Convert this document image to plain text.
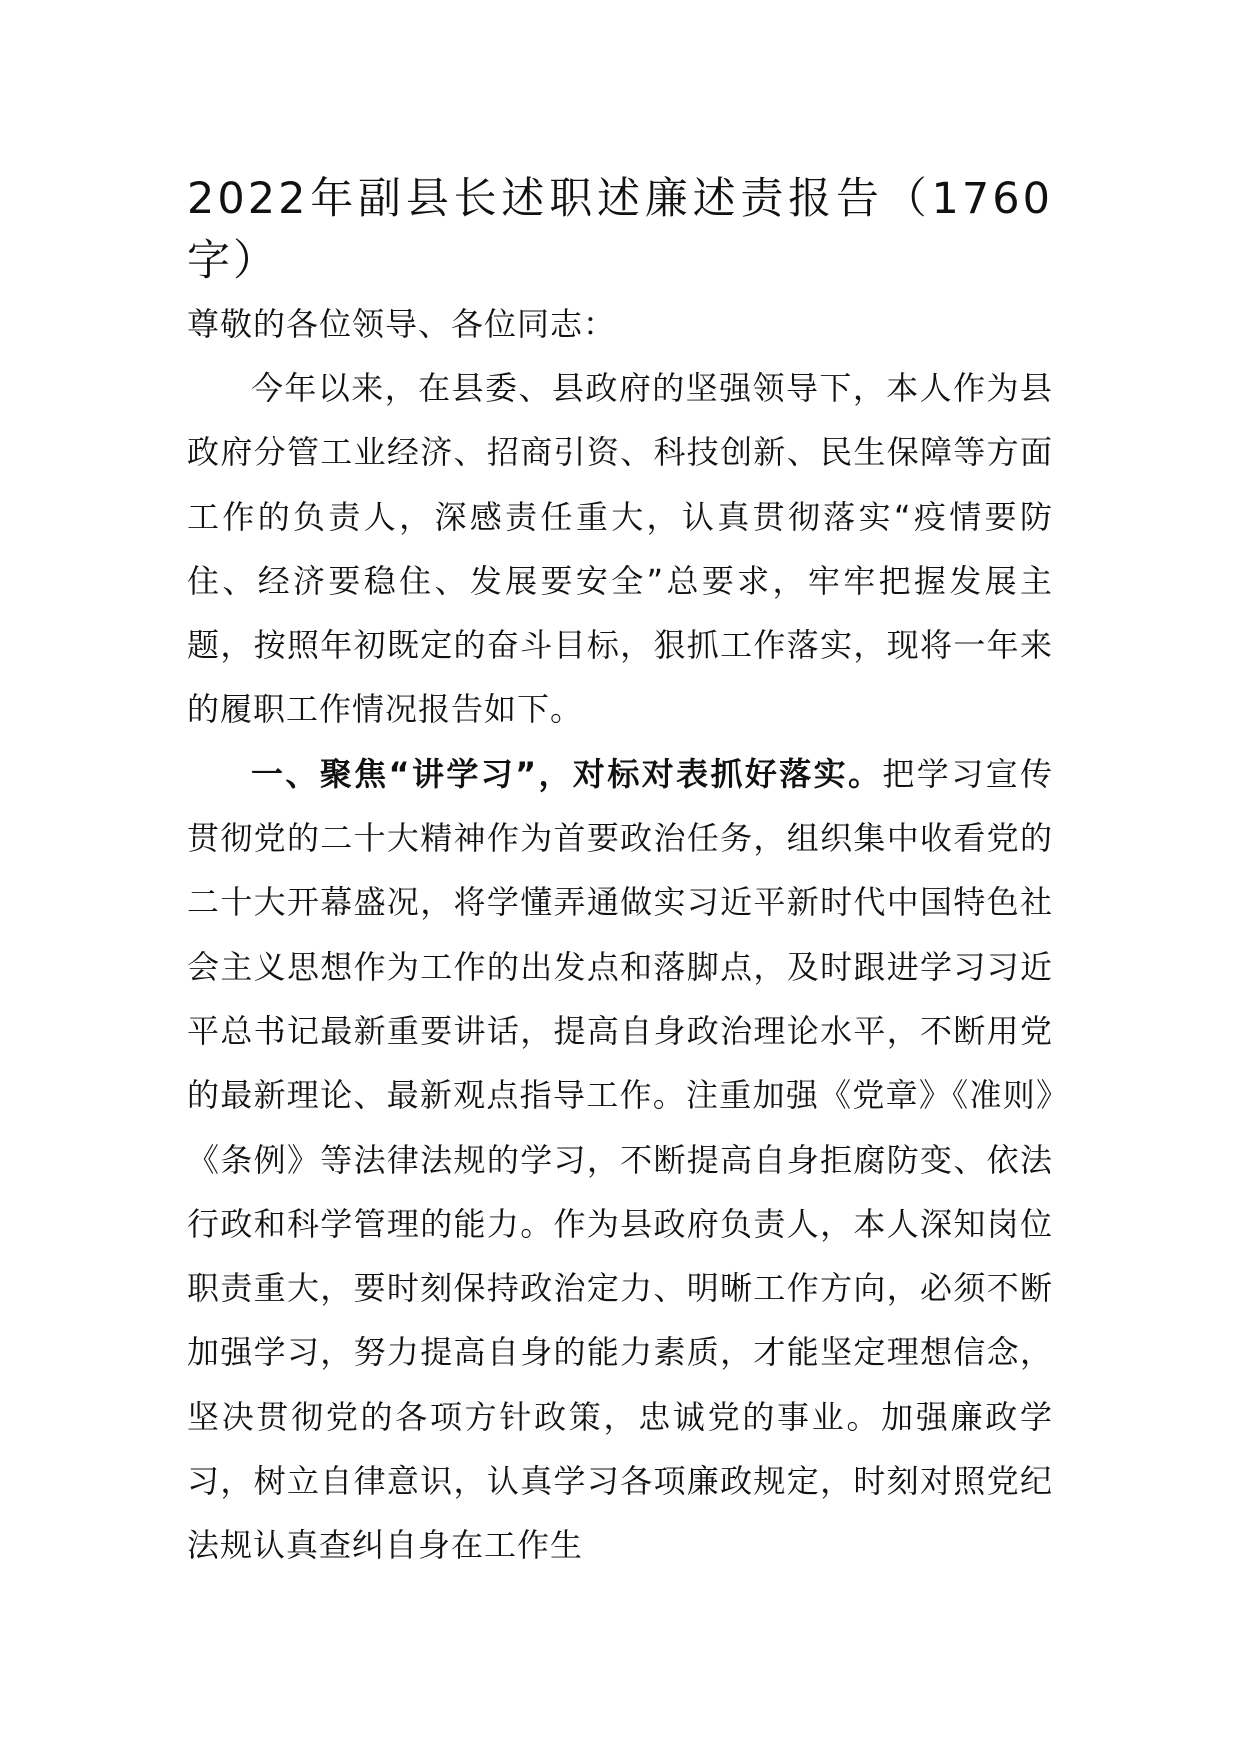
2022年副县长述职述廉述责报告（1760字）

尊敬的各位领导、各位同志：

今年以来，在县委、县政府的坚强领导下，本人作为县政府分管工业经济、招商引资、科技创新、民生保障等方面工作的负责人，深感责任重大，认真贯彻落实“疫情要防住、经济要稳住、发展要安全”总要求，牢牢把握发展主题，按照年初既定的奋斗目标，狠抓工作落实，现将一年来的履职工作情况报告如下。

一、聚焦“讲学习”，对标对表抓好落实。把学习宣传贯彻党的二十大精神作为首要政治任务，组织集中收看党的二十大开幕盛况，将学懂弄通做实习近平新时代中国特色社会主义思想作为工作的出发点和落脚点，及时跟进学习习近平总书记最新重要讲话，提高自身政治理论水平，不断用党的最新理论、最新观点指导工作。注重加强《党章》《准则》《条例》等法律法规的学习，不断提高自身拒腐防变、依法行政和科学管理的能力。作为县政府负责人，本人深知岗位职责重大，要时刻保持政治定力、明晰工作方向，必须不断加强学习，努力提高自身的能力素质，才能坚定理想信念，坚决贯彻党的各项方针政策，忠诚党的事业。加强廉政学习，树立自律意识，认真学习各项廉政规定，时刻对照党纪法规认真查纠自身在工作生
